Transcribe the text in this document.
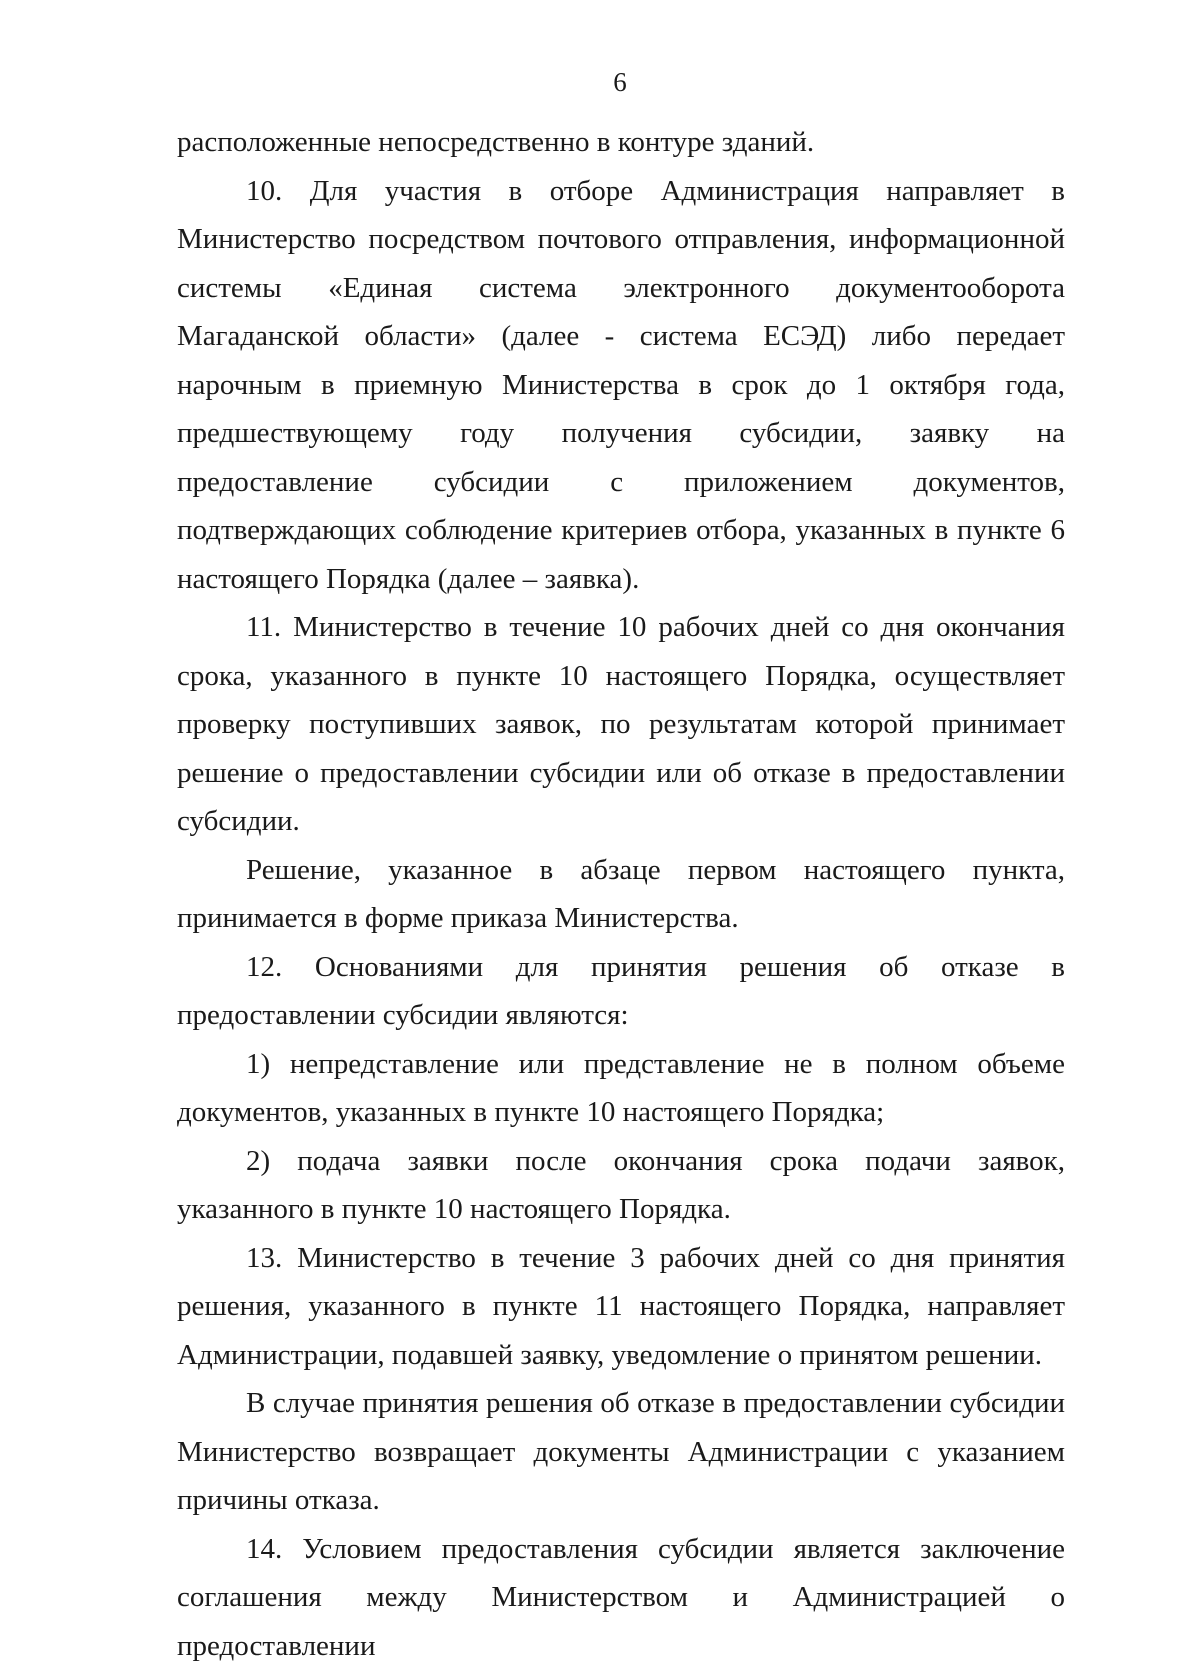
6

расположенные непосредственно в контуре зданий.

10. Для участия в отборе Администрация направляет в Министерство посредством почтового отправления, информационной системы «Единая система электронного документооборота Магаданской области» (далее - система ЕСЭД) либо передает нарочным в приемную Министерства в срок до 1 октября года, предшествующему году получения субсидии, заявку на предоставление субсидии с приложением документов, подтверждающих соблюдение критериев отбора, указанных в пункте 6 настоящего Порядка (далее – заявка).

11. Министерство в течение 10 рабочих дней со дня окончания срока, указанного в пункте 10 настоящего Порядка, осуществляет проверку поступивших заявок, по результатам которой принимает решение о предоставлении субсидии или об отказе в предоставлении субсидии.

Решение, указанное в абзаце первом настоящего пункта, принимается в форме приказа Министерства.

12. Основаниями для принятия решения об отказе в предоставлении субсидии являются:

1) непредставление или представление не в полном объеме документов, указанных в пункте 10 настоящего Порядка;

2) подача заявки после окончания срока подачи заявок, указанного в пункте 10 настоящего Порядка.

13. Министерство в течение 3 рабочих дней со дня принятия решения, указанного в пункте 11 настоящего Порядка, направляет Администрации, подавшей заявку, уведомление о принятом решении.

В случае принятия решения об отказе в предоставлении субсидии Министерство возвращает документы Администрации с указанием причины отказа.

14. Условием предоставления субсидии является заключение соглашения между Министерством и Администрацией о предоставлении
